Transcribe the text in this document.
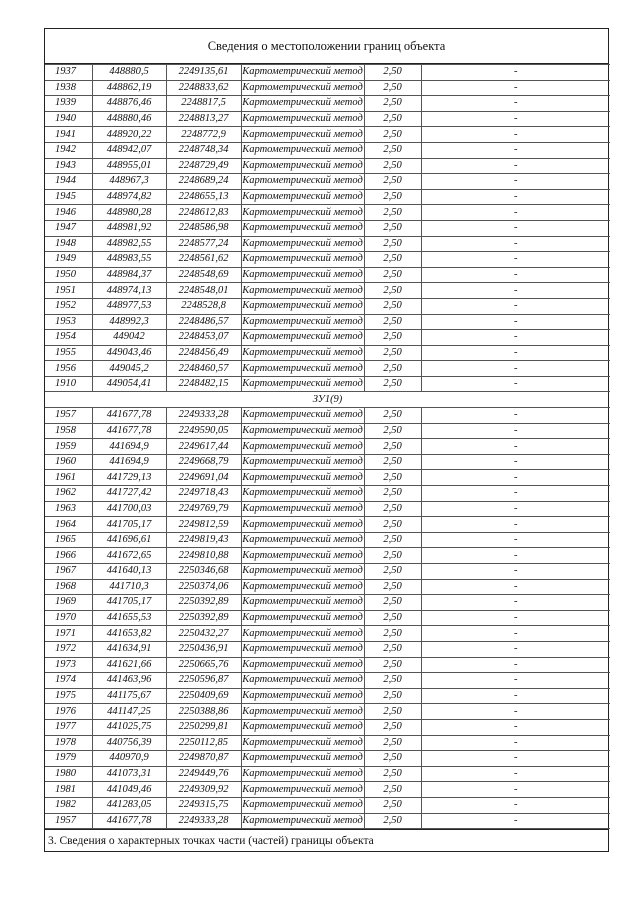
Сведения о местоположении границ объекта
1937	448880,5	2249135,61	Картометрический метод	2,50	-
1938	448862,19	2248833,62	Картометрический метод	2,50	-
1939	448876,46	2248817,5	Картометрический метод	2,50	-
1940	448880,46	2248813,27	Картометрический метод	2,50	-
1941	448920,22	2248772,9	Картометрический метод	2,50	-
1942	448942,07	2248748,34	Картометрический метод	2,50	-
1943	448955,01	2248729,49	Картометрический метод	2,50	-
1944	448967,3	2248689,24	Картометрический метод	2,50	-
1945	448974,82	2248655,13	Картометрический метод	2,50	-
1946	448980,28	2248612,83	Картометрический метод	2,50	-
1947	448981,92	2248586,98	Картометрический метод	2,50	-
1948	448982,55	2248577,24	Картометрический метод	2,50	-
1949	448983,55	2248561,62	Картометрический метод	2,50	-
1950	448984,37	2248548,69	Картометрический метод	2,50	-
1951	448974,13	2248548,01	Картометрический метод	2,50	-
1952	448977,53	2248528,8	Картометрический метод	2,50	-
1953	448992,3	2248486,57	Картометрический метод	2,50	-
1954	449042	2248453,07	Картометрический метод	2,50	-
1955	449043,46	2248456,49	Картометрический метод	2,50	-
1956	449045,2	2248460,57	Картометрический метод	2,50	-
1910	449054,41	2248482,15	Картометрический метод	2,50	-
ЗУ1(9)					
1957	441677,78	2249333,28	Картометрический метод	2,50	-
1958	441677,78	2249590,05	Картометрический метод	2,50	-
1959	441694,9	2249617,44	Картометрический метод	2,50	-
1960	441694,9	2249668,79	Картометрический метод	2,50	-
1961	441729,13	2249691,04	Картометрический метод	2,50	-
1962	441727,42	2249718,43	Картометрический метод	2,50	-
1963	441700,03	2249769,79	Картометрический метод	2,50	-
1964	441705,17	2249812,59	Картометрический метод	2,50	-
1965	441696,61	2249819,43	Картометрический метод	2,50	-
1966	441672,65	2249810,88	Картометрический метод	2,50	-
1967	441640,13	2250346,68	Картометрический метод	2,50	-
1968	441710,3	2250374,06	Картометрический метод	2,50	-
1969	441705,17	2250392,89	Картометрический метод	2,50	-
1970	441655,53	2250392,89	Картометрический метод	2,50	-
1971	441653,82	2250432,27	Картометрический метод	2,50	-
1972	441634,91	2250436,91	Картометрический метод	2,50	-
1973	441621,66	2250665,76	Картометрический метод	2,50	-
1974	441463,96	2250596,87	Картометрический метод	2,50	-
1975	441175,67	2250409,69	Картометрический метод	2,50	-
1976	441147,25	2250388,86	Картометрический метод	2,50	-
1977	441025,75	2250299,81	Картометрический метод	2,50	-
1978	440756,39	2250112,85	Картометрический метод	2,50	-
1979	440970,9	2249870,87	Картометрический метод	2,50	-
1980	441073,31	2249449,76	Картометрический метод	2,50	-
1981	441049,46	2249309,92	Картометрический метод	2,50	-
1982	441283,05	2249315,75	Картометрический метод	2,50	-
1957	441677,78	2249333,28	Картометрический метод	2,50	-
3. Сведения о характерных точках части (частей) границы объекта
